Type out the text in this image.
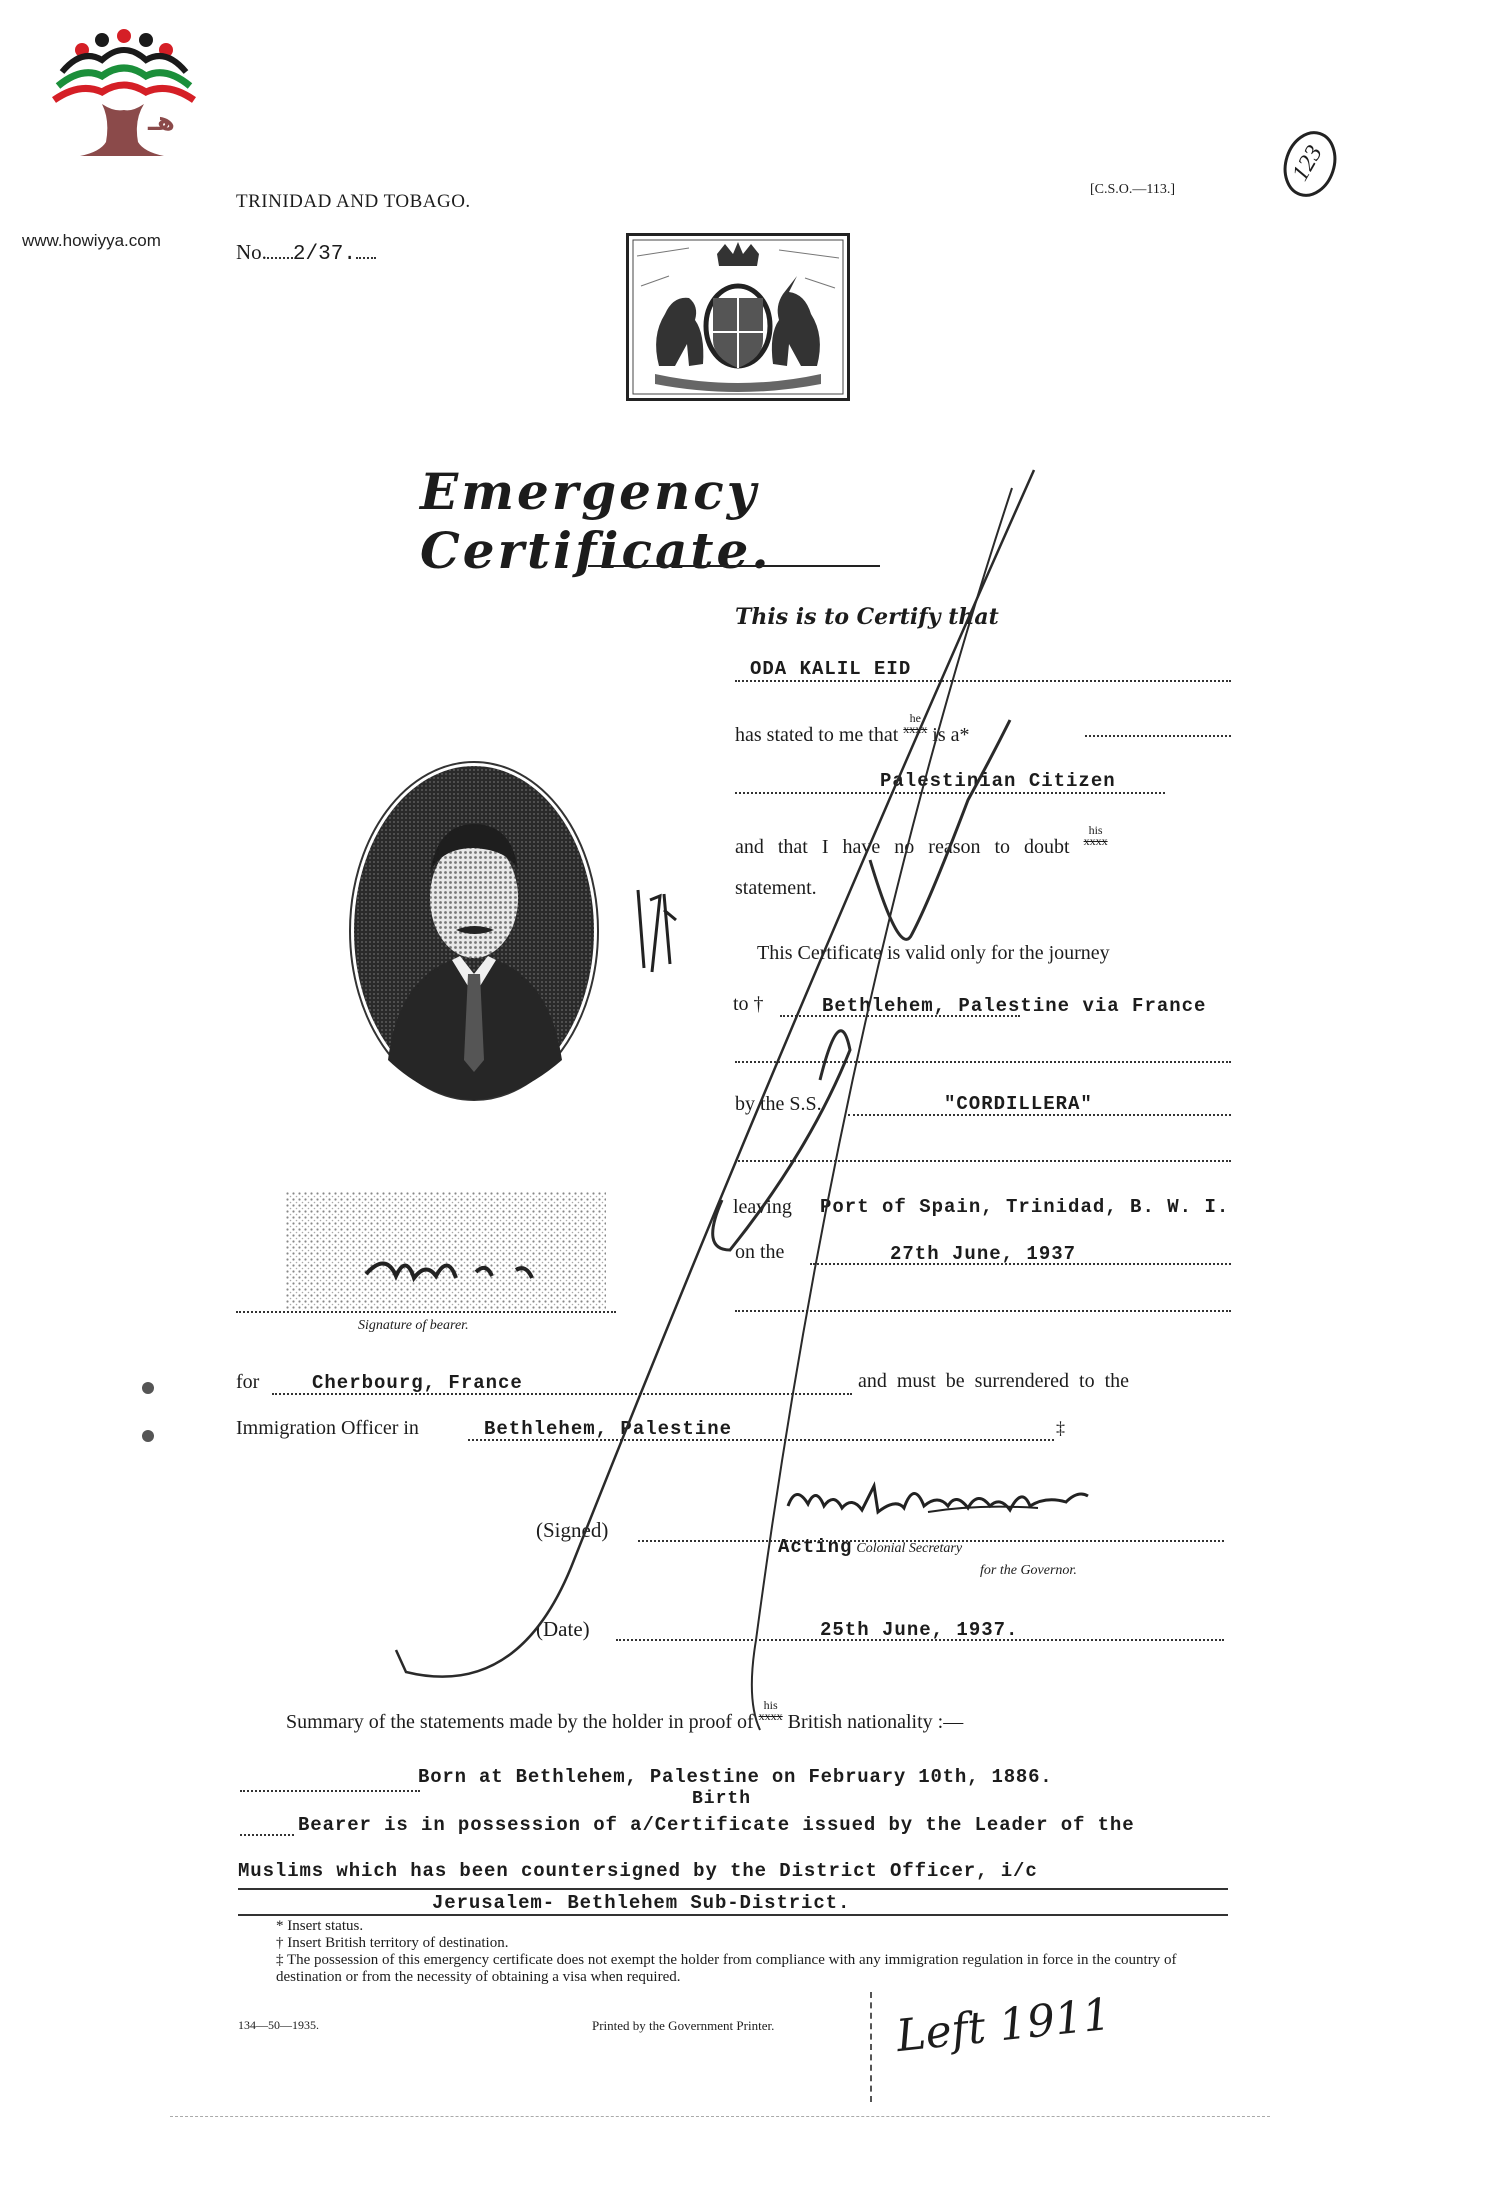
هـ
www.howiyya.com
TRINIDAD AND TOBAGO.
No. 2/37.
[C.S.O.—113.]
123
Emergency Certificate.
This is to Certify that
ODA KALIL EID
has stated to me that
he
xxxx is a*
Palestinian Citizen
and that I have no reason to doubt
his
xxxx
statement.
This Certificate is valid only for the journey
to †	Bethlehem, Palestine via France
by the S.S.	"CORDILLERA"
leaving Port of Spain, Trinidad, B. W. I.
on the	27th June, 1937
Signature of bearer.
for	Cherbourg, France	and must be surrendered to the
Immigration Officer in	Bethlehem, Palestine	‡
(Signed)
Acting Colonial Secretary
for the Governor.
(Date)	25th June, 1937.
Summary of the statements made by the holder in proof of
his
xxxx British nationality :—
Born at Bethlehem, Palestine on February 10th, 1886.
Birth
Bearer is in possession of a/Certificate issued by the Leader of the
Muslims which has been countersigned by the District Officer, i/c
Jerusalem- Bethlehem Sub-District.
* Insert status.
† Insert British territory of destination.
‡ The possession of this emergency certificate does not exempt the holder from compliance with any immigration regulation in force in the country of destination or from the necessity of obtaining a visa when required.
134—50—1935.	Printed by the Government Printer.	Left 1911
